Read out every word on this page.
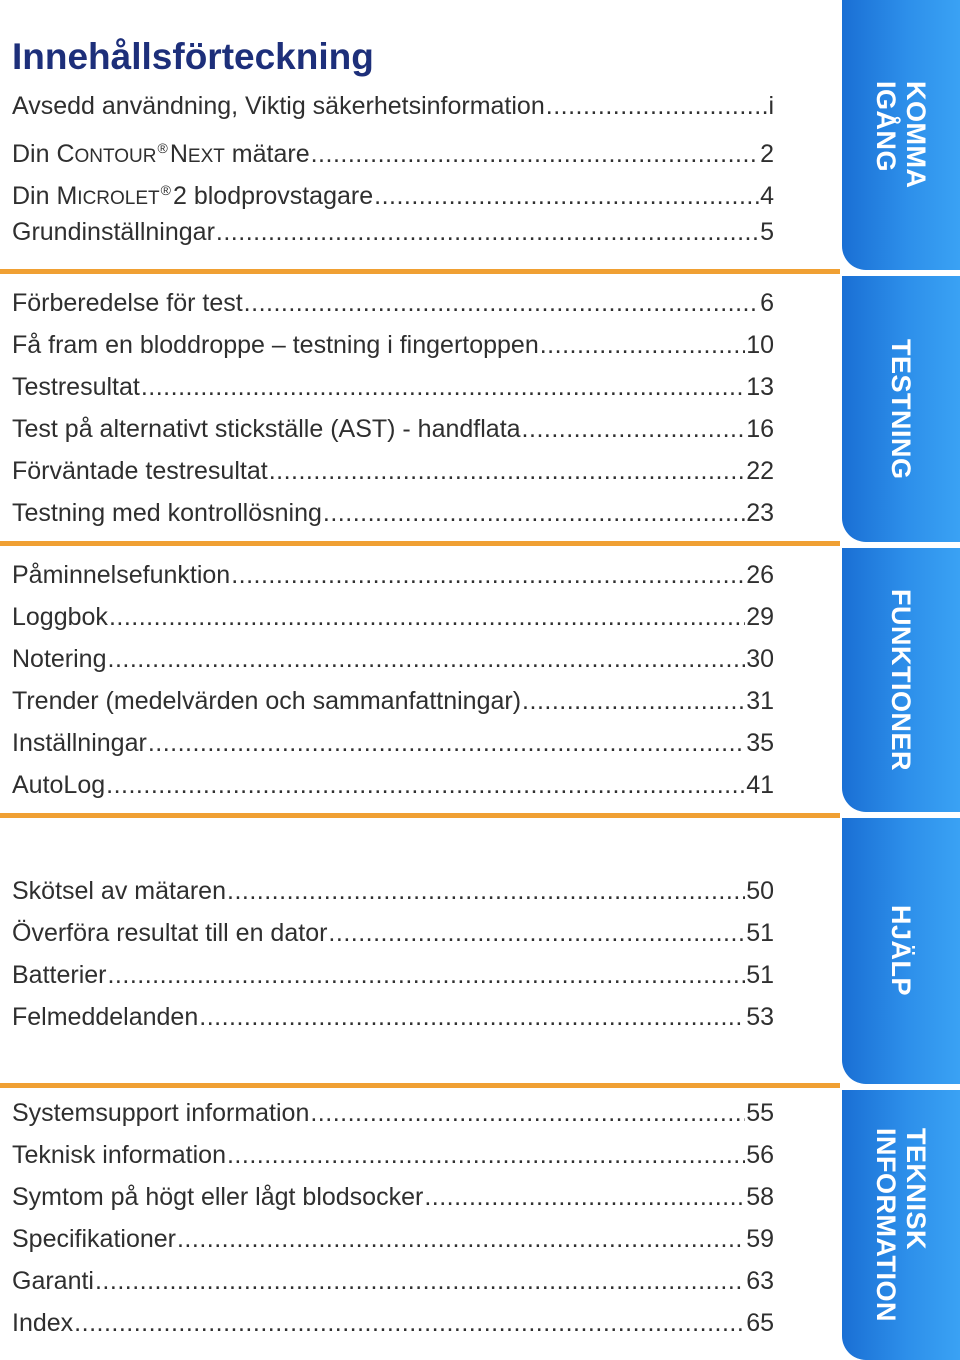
Innehållsförteckning
Avsedd användning, Viktig säkerhetsinformation .....	i
Din CONTOUR®NEXT mätare .....	2
Din MICROLET®2 blodprovstagare .....	4
Grundinställningar .....	5
Förberedelse för test .....	6
Få fram en bloddroppe – testning i fingertoppen .....	10
Testresultat .....	13
Test på alternativt stickställe (AST) - handflata .....	16
Förväntade testresultat .....	22
Testning med kontrollösning .....	23
Påminnelsefunktion .....	26
Loggbok .....	29
Notering .....	30
Trender (medelvärden och sammanfattningar) .....	31
Inställningar .....	35
AutoLog .....	41
Skötsel av mätaren .....	50
Överföra resultat till en dator .....	51
Batterier .....	51
Felmeddelanden .....	53
Systemsupport information .....	55
Teknisk information .....	56
Symtom på högt eller lågt blodsocker .....	58
Specifikationer .....	59
Garanti .....	63
Index .....	65
KOMMA
IGÅNG
TESTNING
FUNKTIONER
HJÄLP
TEKNISK
INFORMATION
